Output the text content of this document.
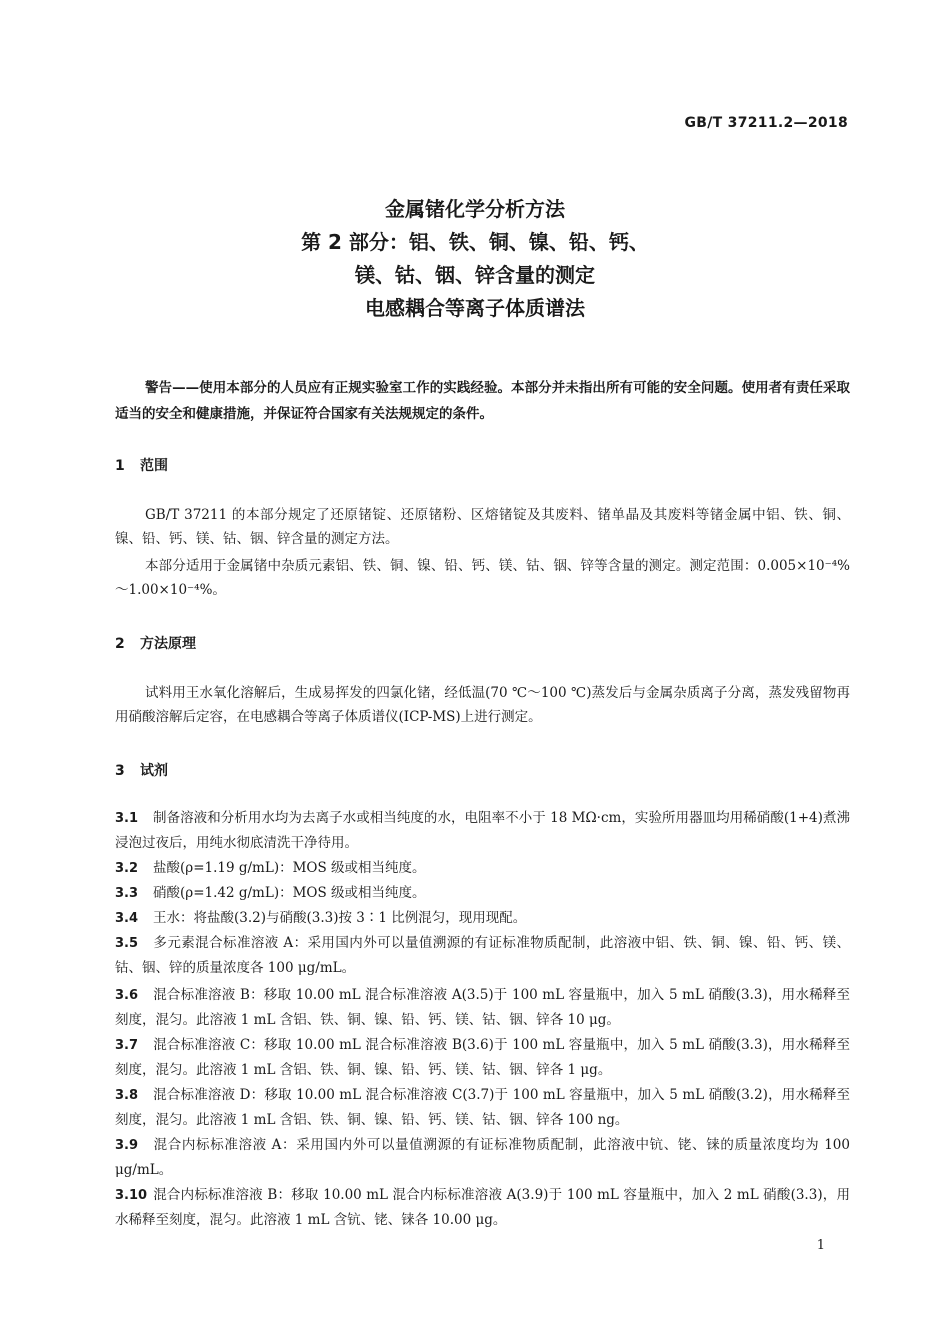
GB/T 37211.2—2018
金属锗化学分析方法
第 2 部分：铝、铁、铜、镍、铅、钙、
镁、钴、铟、锌含量的测定
电感耦合等离子体质谱法
警告——使用本部分的人员应有正规实验室工作的实践经验。本部分并未指出所有可能的安全问题。使用者有责任采取适当的安全和健康措施，并保证符合国家有关法规规定的条件。
1 范围
GB/T 37211 的本部分规定了还原锗锭、还原锗粉、区熔锗锭及其废料、锗单晶及其废料等锗金属中铝、铁、铜、镍、铅、钙、镁、钴、铟、锌含量的测定方法。
本部分适用于金属锗中杂质元素铝、铁、铜、镍、铅、钙、镁、钴、铟、锌等含量的测定。测定范围：0.005×10⁻⁴%～1.00×10⁻⁴%。
2 方法原理
试料用王水氧化溶解后，生成易挥发的四氯化锗，经低温(70 ℃～100 ℃)蒸发后与金属杂质离子分离，蒸发残留物再用硝酸溶解后定容，在电感耦合等离子体质谱仪(ICP-MS)上进行测定。
3 试剂
3.1 制备溶液和分析用水均为去离子水或相当纯度的水，电阻率不小于 18 MΩ·cm，实验所用器皿均用稀硝酸(1+4)煮沸浸泡过夜后，用纯水彻底清洗干净待用。
3.2 盐酸(ρ=1.19 g/mL)：MOS 级或相当纯度。
3.3 硝酸(ρ=1.42 g/mL)：MOS 级或相当纯度。
3.4 王水：将盐酸(3.2)与硝酸(3.3)按 3∶1 比例混匀，现用现配。
3.5 多元素混合标准溶液 A：采用国内外可以量值溯源的有证标准物质配制，此溶液中铝、铁、铜、镍、铅、钙、镁、钴、铟、锌的质量浓度各 100 μg/mL。
3.6 混合标准溶液 B：移取 10.00 mL 混合标准溶液 A(3.5)于 100 mL 容量瓶中，加入 5 mL 硝酸(3.3)，用水稀释至刻度，混匀。此溶液 1 mL 含铝、铁、铜、镍、铅、钙、镁、钴、铟、锌各 10 μg。
3.7 混合标准溶液 C：移取 10.00 mL 混合标准溶液 B(3.6)于 100 mL 容量瓶中，加入 5 mL 硝酸(3.3)，用水稀释至刻度，混匀。此溶液 1 mL 含铝、铁、铜、镍、铅、钙、镁、钴、铟、锌各 1 μg。
3.8 混合标准溶液 D：移取 10.00 mL 混合标准溶液 C(3.7)于 100 mL 容量瓶中，加入 5 mL 硝酸(3.2)，用水稀释至刻度，混匀。此溶液 1 mL 含铝、铁、铜、镍、铅、钙、镁、钴、铟、锌各 100 ng。
3.9 混合内标标准溶液 A：采用国内外可以量值溯源的有证标准物质配制，此溶液中钪、铑、铼的质量浓度均为 100 μg/mL。
3.10 混合内标标准溶液 B：移取 10.00 mL 混合内标标准溶液 A(3.9)于 100 mL 容量瓶中，加入 2 mL 硝酸(3.3)，用水稀释至刻度，混匀。此溶液 1 mL 含钪、铑、铼各 10.00 μg。
1
